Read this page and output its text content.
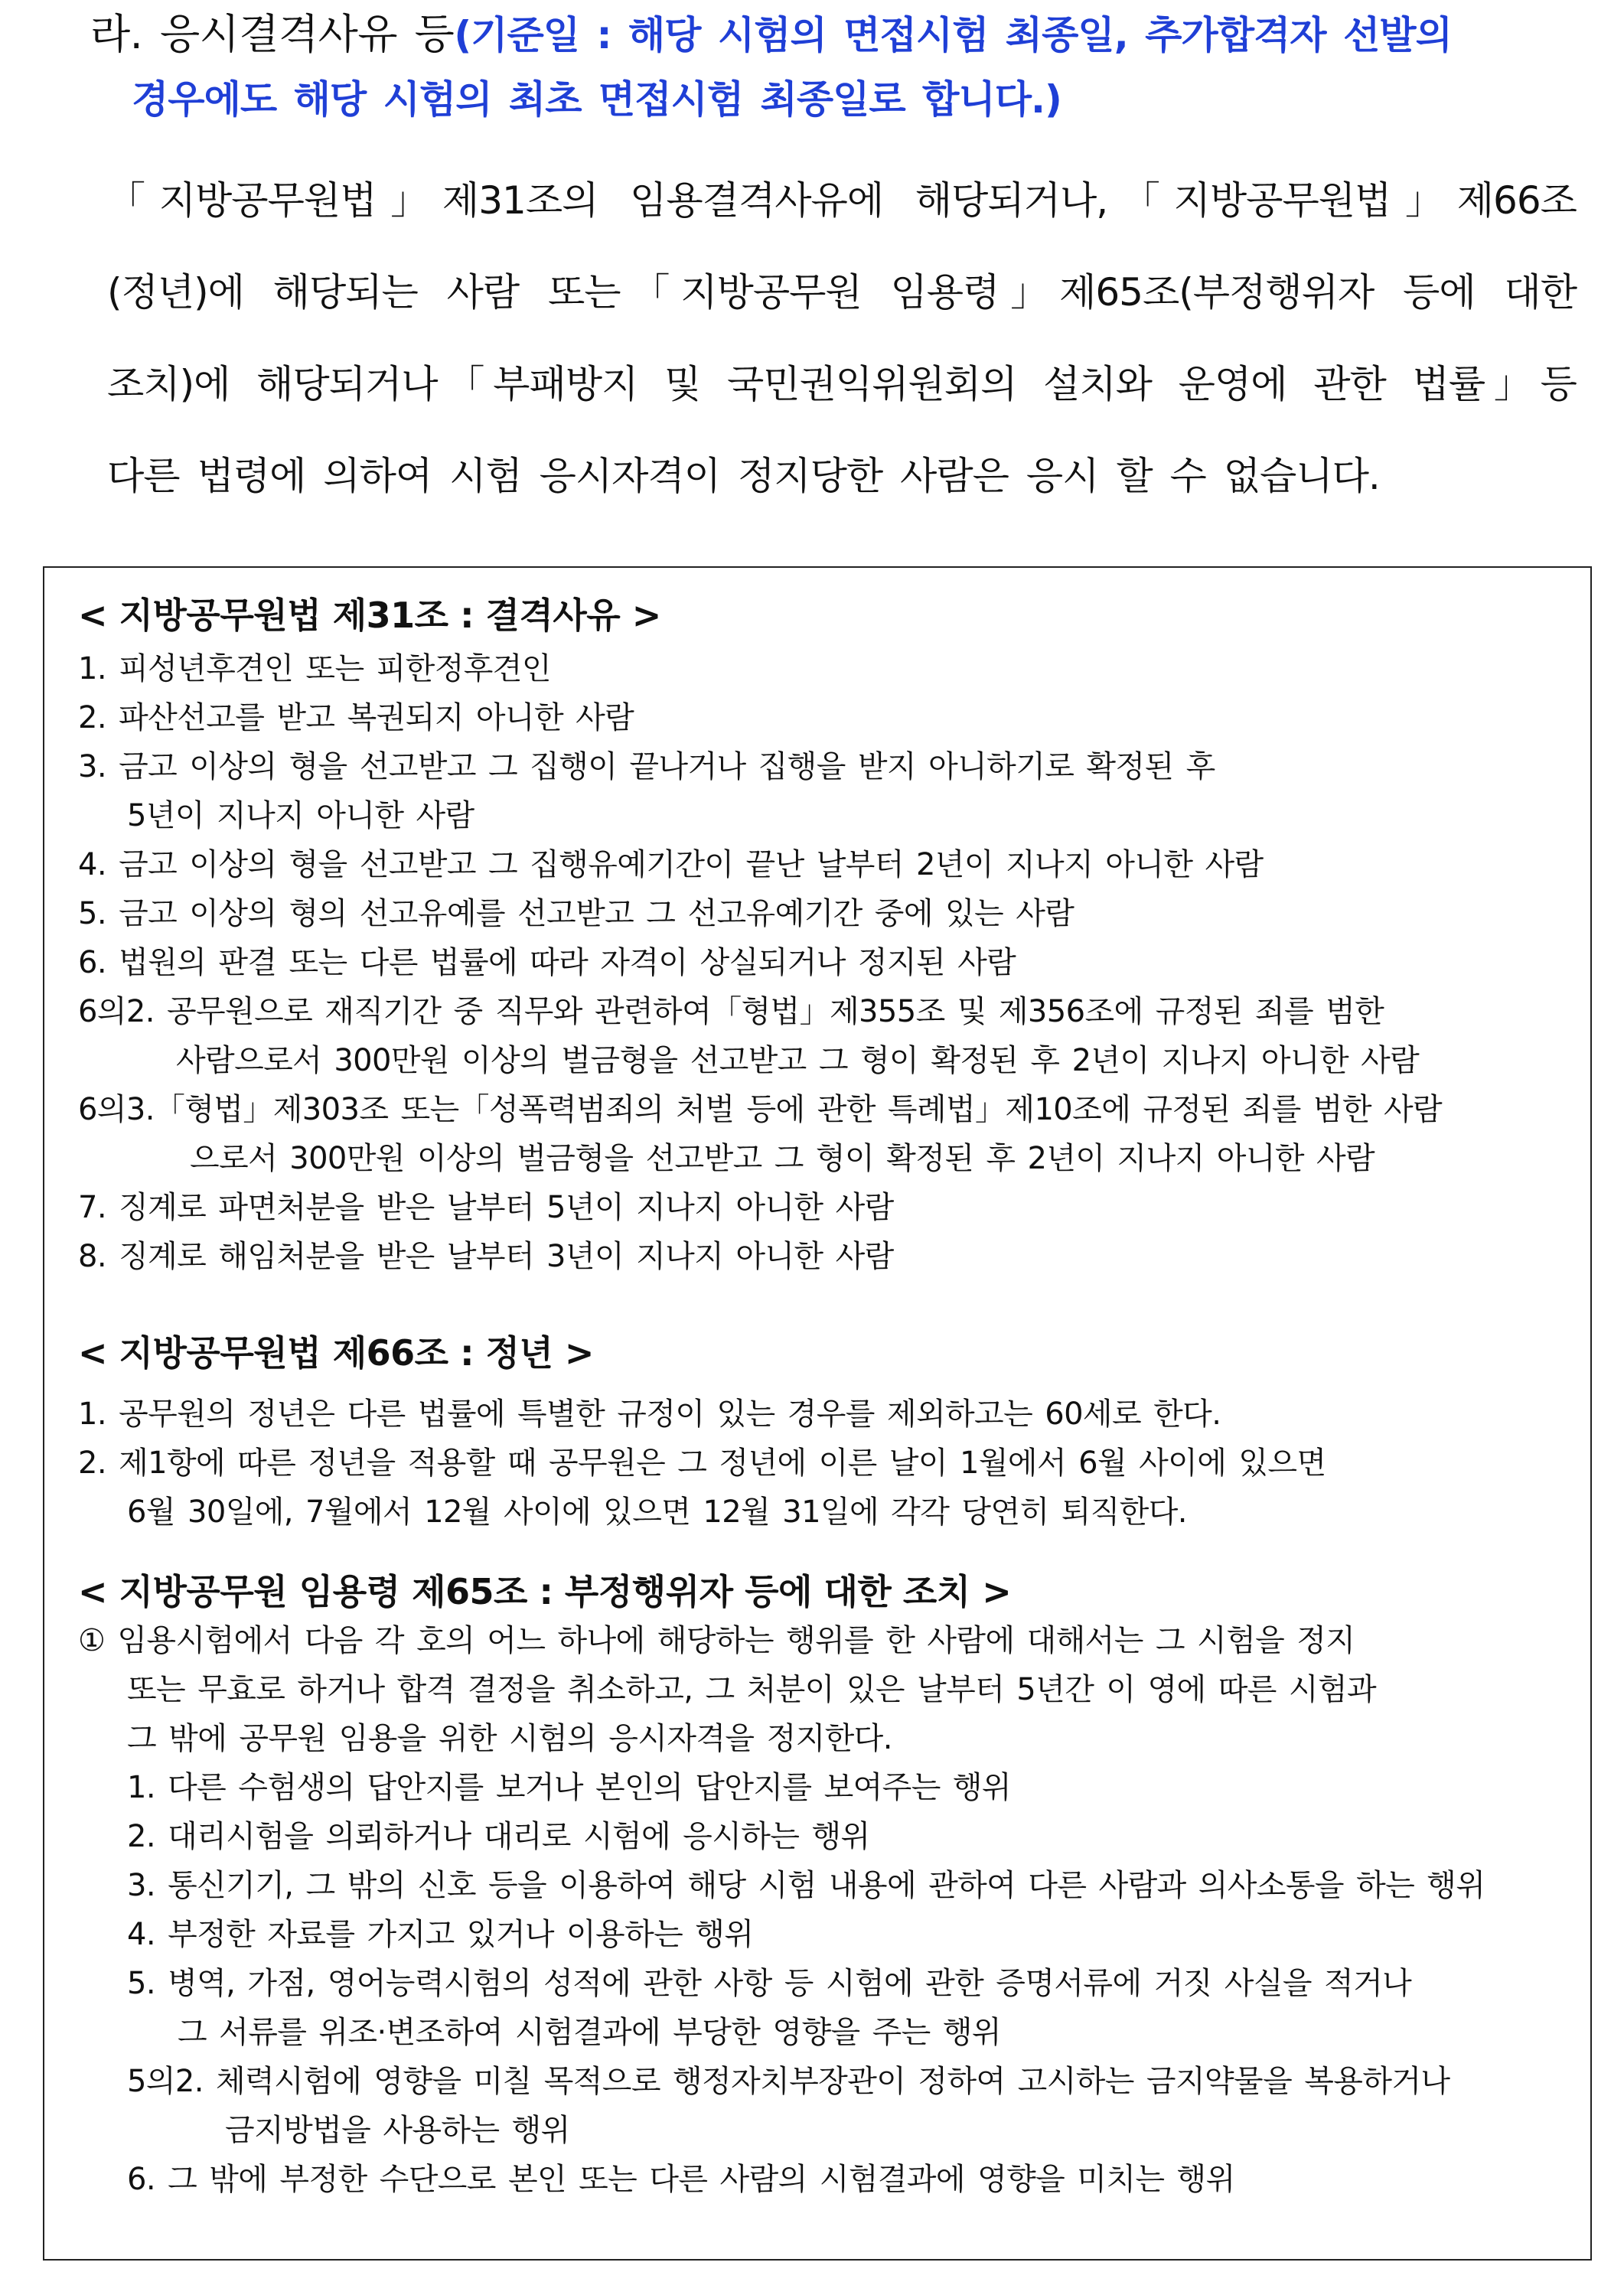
라. 응시결격사유 등(기준일 : 해당 시험의 면접시험 최종일, 추가합격자 선발의
경우에도 해당 시험의 최초 면접시험 최종일로 합니다.)
「지방공무원법」제31조의 임용결격사유에 해당되거나,「지방공무원법」제66조
(정년)에 해당되는 사람 또는「지방공무원 임용령」제65조(부정행위자 등에 대한
조치)에 해당되거나「부패방지 및 국민권익위원회의 설치와 운영에 관한 법률」등
다른 법령에 의하여 시험 응시자격이 정지당한 사람은 응시 할 수 없습니다.
< 지방공무원법 제31조 : 결격사유 >
1. 피성년후견인 또는 피한정후견인
2. 파산선고를 받고 복권되지 아니한 사람
3. 금고 이상의 형을 선고받고 그 집행이 끝나거나 집행을 받지 아니하기로 확정된 후
5년이 지나지 아니한 사람
4. 금고 이상의 형을 선고받고 그 집행유예기간이 끝난 날부터 2년이 지나지 아니한 사람
5. 금고 이상의 형의 선고유예를 선고받고 그 선고유예기간 중에 있는 사람
6. 법원의 판결 또는 다른 법률에 따라 자격이 상실되거나 정지된 사람
6의2. 공무원으로 재직기간 중 직무와 관련하여「형법」제355조 및 제356조에 규정된 죄를 범한
사람으로서 300만원 이상의 벌금형을 선고받고 그 형이 확정된 후 2년이 지나지 아니한 사람
6의3.「형법」제303조 또는「성폭력범죄의 처벌 등에 관한 특례법」제10조에 규정된 죄를 범한 사람
으로서 300만원 이상의 벌금형을 선고받고 그 형이 확정된 후 2년이 지나지 아니한 사람
7. 징계로 파면처분을 받은 날부터 5년이 지나지 아니한 사람
8. 징계로 해임처분을 받은 날부터 3년이 지나지 아니한 사람
< 지방공무원법 제66조 : 정년 >
1. 공무원의 정년은 다른 법률에 특별한 규정이 있는 경우를 제외하고는 60세로 한다.
2. 제1항에 따른 정년을 적용할 때 공무원은 그 정년에 이른 날이 1월에서 6월 사이에 있으면
6월 30일에, 7월에서 12월 사이에 있으면 12월 31일에 각각 당연히 퇴직한다.
< 지방공무원 임용령 제65조 : 부정행위자 등에 대한 조치 >
① 임용시험에서 다음 각 호의 어느 하나에 해당하는 행위를 한 사람에 대해서는 그 시험을 정지
또는 무효로 하거나 합격 결정을 취소하고, 그 처분이 있은 날부터 5년간 이 영에 따른 시험과
그 밖에 공무원 임용을 위한 시험의 응시자격을 정지한다.
1. 다른 수험생의 답안지를 보거나 본인의 답안지를 보여주는 행위
2. 대리시험을 의뢰하거나 대리로 시험에 응시하는 행위
3. 통신기기, 그 밖의 신호 등을 이용하여 해당 시험 내용에 관하여 다른 사람과 의사소통을 하는 행위
4. 부정한 자료를 가지고 있거나 이용하는 행위
5. 병역, 가점, 영어능력시험의 성적에 관한 사항 등 시험에 관한 증명서류에 거짓 사실을 적거나
그 서류를 위조·변조하여 시험결과에 부당한 영향을 주는 행위
5의2. 체력시험에 영향을 미칠 목적으로 행정자치부장관이 정하여 고시하는 금지약물을 복용하거나
금지방법을 사용하는 행위
6. 그 밖에 부정한 수단으로 본인 또는 다른 사람의 시험결과에 영향을 미치는 행위
